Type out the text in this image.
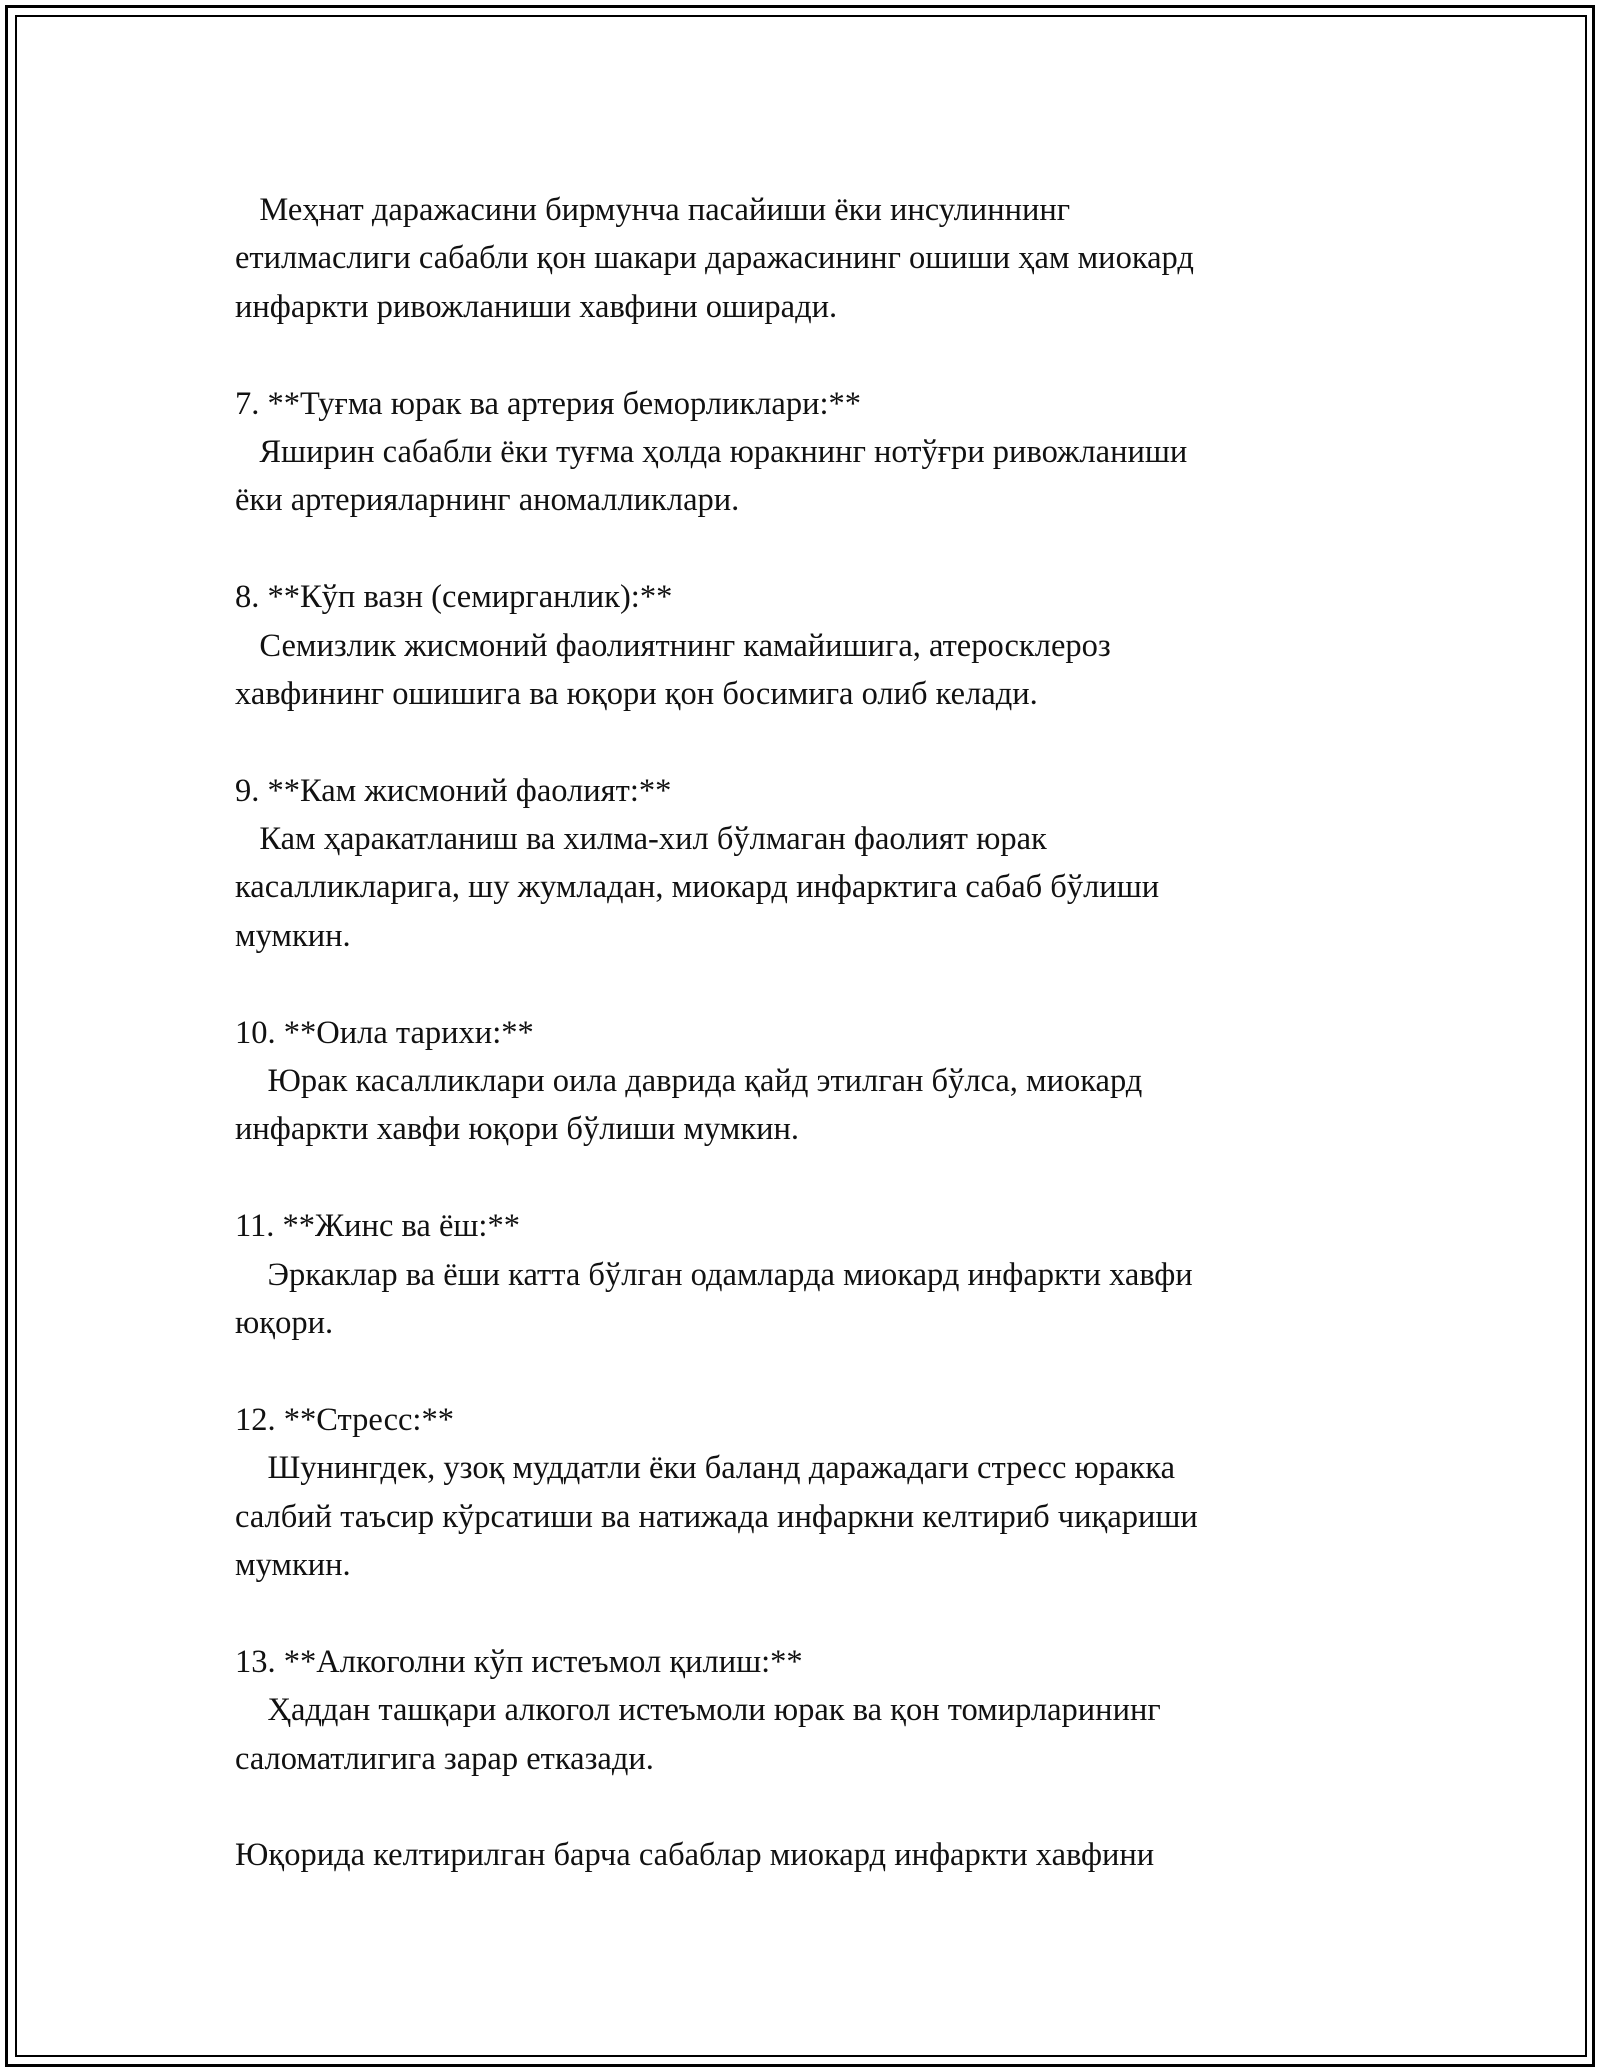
Меҳнат даражасини бирмунча пасайиши ёки инсулиннинг
етилмаслиги сабабли қон шакари даражасининг ошиши ҳам миокард
инфаркти ривожланиши хавфини оширади.
7. **Туғма юрак ва артерия беморликлари:**
Яширин сабабли ёки туғма ҳолда юракнинг нотўғри ривожланиши
ёки артерияларнинг аномалликлари.
8. **Кўп вазн (семирганлик):**
Семизлик жисмоний фаолиятнинг камайишига, атеросклероз
хавфининг ошишига ва юқори қон босимига олиб келади.
9. **Кам жисмоний фаолият:**
Кам ҳаракатланиш ва хилма-хил бўлмаган фаолият юрак
касалликларига, шу жумладан, миокард инфарктига сабаб бўлиши
мумкин.
10. **Оила тарихи:**
Юрак касалликлари оила даврида қайд этилган бўлса, миокард
инфаркти хавфи юқори бўлиши мумкин.
11. **Жинс ва ёш:**
Эркаклар ва ёши катта бўлган одамларда миокард инфаркти хавфи
юқори.
12. **Стресс:**
Шунингдек, узоқ муддатли ёки баланд даражадаги стресс юракка
салбий таъсир кўрсатиши ва натижада инфаркни келтириб чиқариши
мумкин.
13. **Алкоголни кўп истеъмол қилиш:**
Ҳаддан ташқари алкогол истеъмоли юрак ва қон томирларининг
саломатлигига зарар етказади.
Юқорида келтирилган барча сабаблар миокард инфаркти хавфини
